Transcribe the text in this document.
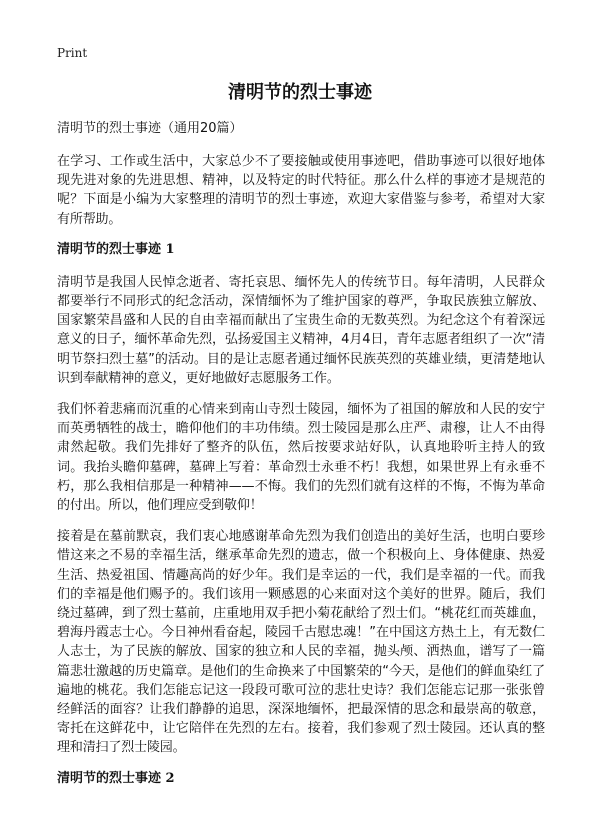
Print
清明节的烈士事迹
清明节的烈士事迹（通用20篇）

在学习、工作或生活中，大家总少不了要接触或使用事迹吧，借助事迹可以很好地体现先进对象的先进思想、精神，以及特定的时代特征。那么什么样的事迹才是规范的呢？下面是小编为大家整理的清明节的烈士事迹，欢迎大家借鉴与参考，希望对大家有所帮助。

清明节的烈士事迹 1

清明节是我国人民悼念逝者、寄托哀思、缅怀先人的传统节日。每年清明，人民群众都要举行不同形式的纪念活动，深情缅怀为了维护国家的尊严，争取民族独立解放、国家繁荣昌盛和人民的自由幸福而献出了宝贵生命的无数英烈。为纪念这个有着深远意义的日子，缅怀革命先烈，弘扬爱国主义精神，4月4日，青年志愿者组织了一次“清明节祭扫烈士墓”的活动。目的是让志愿者通过缅怀民族英烈的英雄业绩，更清楚地认识到奉献精神的意义，更好地做好志愿服务工作。

我们怀着悲痛而沉重的心情来到南山寺烈士陵园，缅怀为了祖国的解放和人民的安宁而英勇牺牲的战士，瞻仰他们的丰功伟绩。烈士陵园是那么庄严、肃穆，让人不由得肃然起敬。我们先排好了整齐的队伍，然后按要求站好队，认真地聆听主持人的致词。我抬头瞻仰墓碑，墓碑上写着：革命烈士永垂不朽！我想，如果世界上有永垂不朽，那么我相信那是一种精神——不悔。我们的先烈们就有这样的不悔，不悔为革命的付出。所以，他们理应受到敬仰！

接着是在墓前默哀，我们衷心地感谢革命先烈为我们创造出的美好生活，也明白要珍惜这来之不易的幸福生活，继承革命先烈的遗志，做一个积极向上、身体健康、热爱生活、热爱祖国、情趣高尚的好少年。我们是幸运的一代，我们是幸福的一代。而我们的幸福是他们赐予的。我们该用一颗感恩的心来面对这个美好的世界。随后，我们绕过墓碑，到了烈士墓前，庄重地用双手把小菊花献给了烈士们。“桃花红而英雄血，碧海丹霞志士心。今日神州看奋起，陵园千古慰忠魂！”在中国这方热土上，有无数仁人志士，为了民族的解放、国家的独立和人民的幸福，抛头颅、洒热血，谱写了一篇篇悲壮激越的历史篇章。是他们的生命换来了中国繁荣的“今天，是他们的鲜血染红了遍地的桃花。我们怎能忘记这一段段可歌可泣的悲壮史诗？我们怎能忘记那一张张曾经鲜活的面容？让我们静静的追思，深深地缅怀，把最深情的思念和最崇高的敬意，寄托在这鲜花中，让它陪伴在先烈的左右。接着，我们参观了烈士陵园。还认真的整理和清扫了烈士陵园。

清明节的烈士事迹 2
